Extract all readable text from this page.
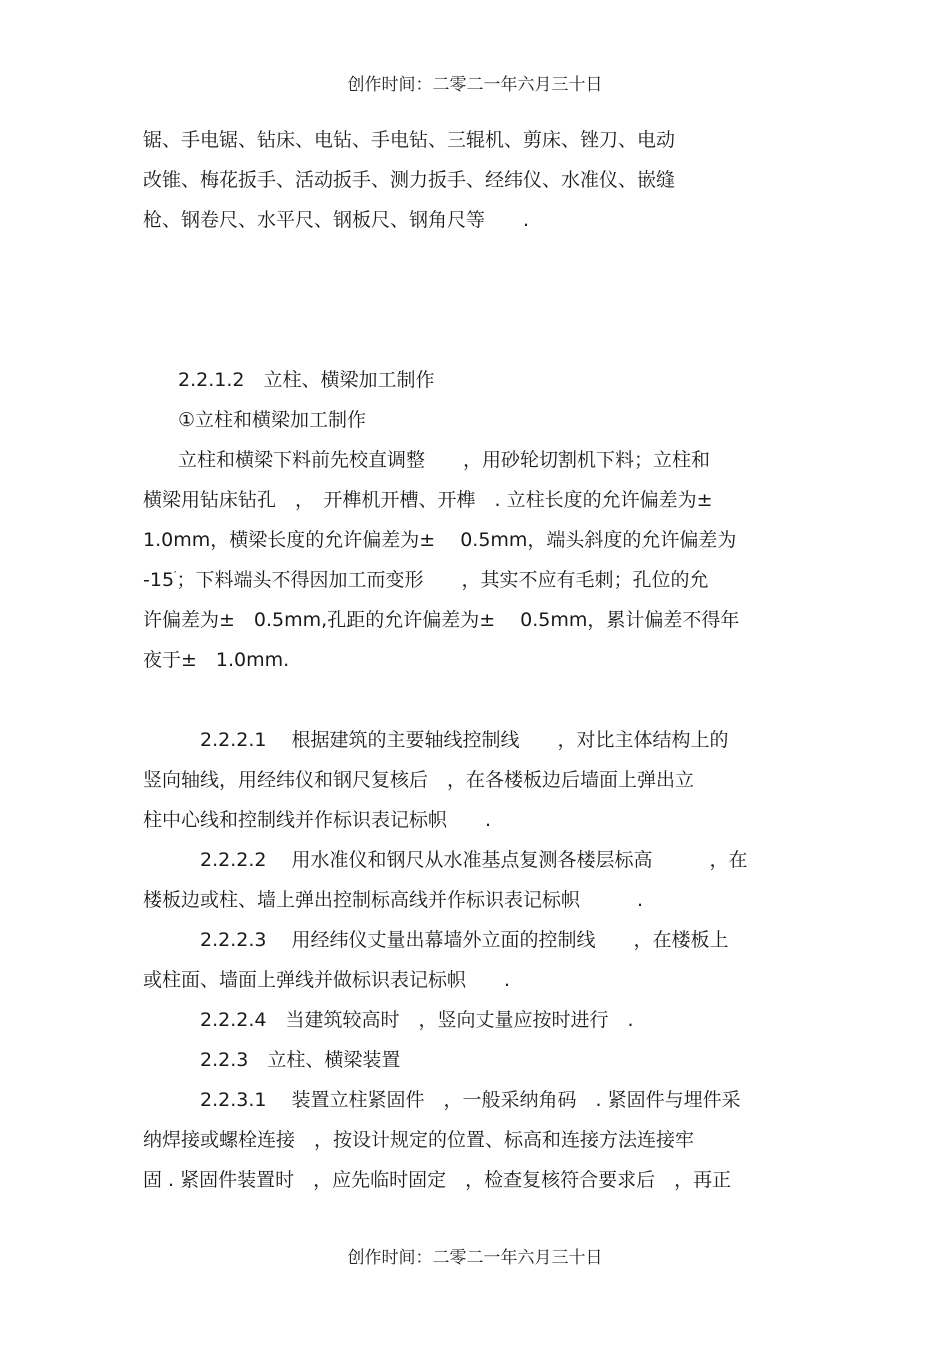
创作时间：二零二一年六月三十日
锯、手电锯、钻床、电钻、手电钻、三辊机、剪床、锉刀、电动
改锥、梅花扳手、活动扳手、测力扳手、经纬仪、水准仪、嵌缝
枪、钢卷尺、水平尺、钢板尺、钢角尺等　　.
2.2.1.2　立柱、横梁加工制作
①立柱和横梁加工制作
立柱和横梁下料前先校直调整　　，用砂轮切割机下料；立柱和
横梁用钻床钻孔　，　开榫机开槽、开榫　. 立柱长度的允许偏差为±
1.0mm，横梁长度的允许偏差为±　 0.5mm，端头斜度的允许偏差为
-15′；下料端头不得因加工而变形　　，其实不应有毛刺；孔位的允
许偏差为±　0.5mm,孔距的允许偏差为±　 0.5mm，累计偏差不得年
夜于±　1.0mm.
2.2.2.1　 根据建筑的主要轴线控制线　　，对比主体结构上的
竖向轴线，用经纬仪和钢尺复核后　，在各楼板边后墙面上弹出立
柱中心线和控制线并作标识表记标帜　　.
2.2.2.2　 用水准仪和钢尺从水准基点复测各楼层标高　　　，在
楼板边或柱、墙上弹出控制标高线并作标识表记标帜　　　.
2.2.2.3　 用经纬仪丈量出幕墙外立面的控制线　　，在楼板上
或柱面、墙面上弹线并做标识表记标帜　　.
2.2.2.4　当建筑较高时　，竖向丈量应按时进行　.
2.2.3　立柱、横梁装置
2.2.3.1　 装置立柱紧固件　，一般采纳角码　. 紧固件与埋件采
纳焊接或螺栓连接　，按设计规定的位置、标高和连接方法连接牢
固 . 紧固件装置时　，应先临时固定　，检查复核符合要求后　，再正
创作时间：二零二一年六月三十日
